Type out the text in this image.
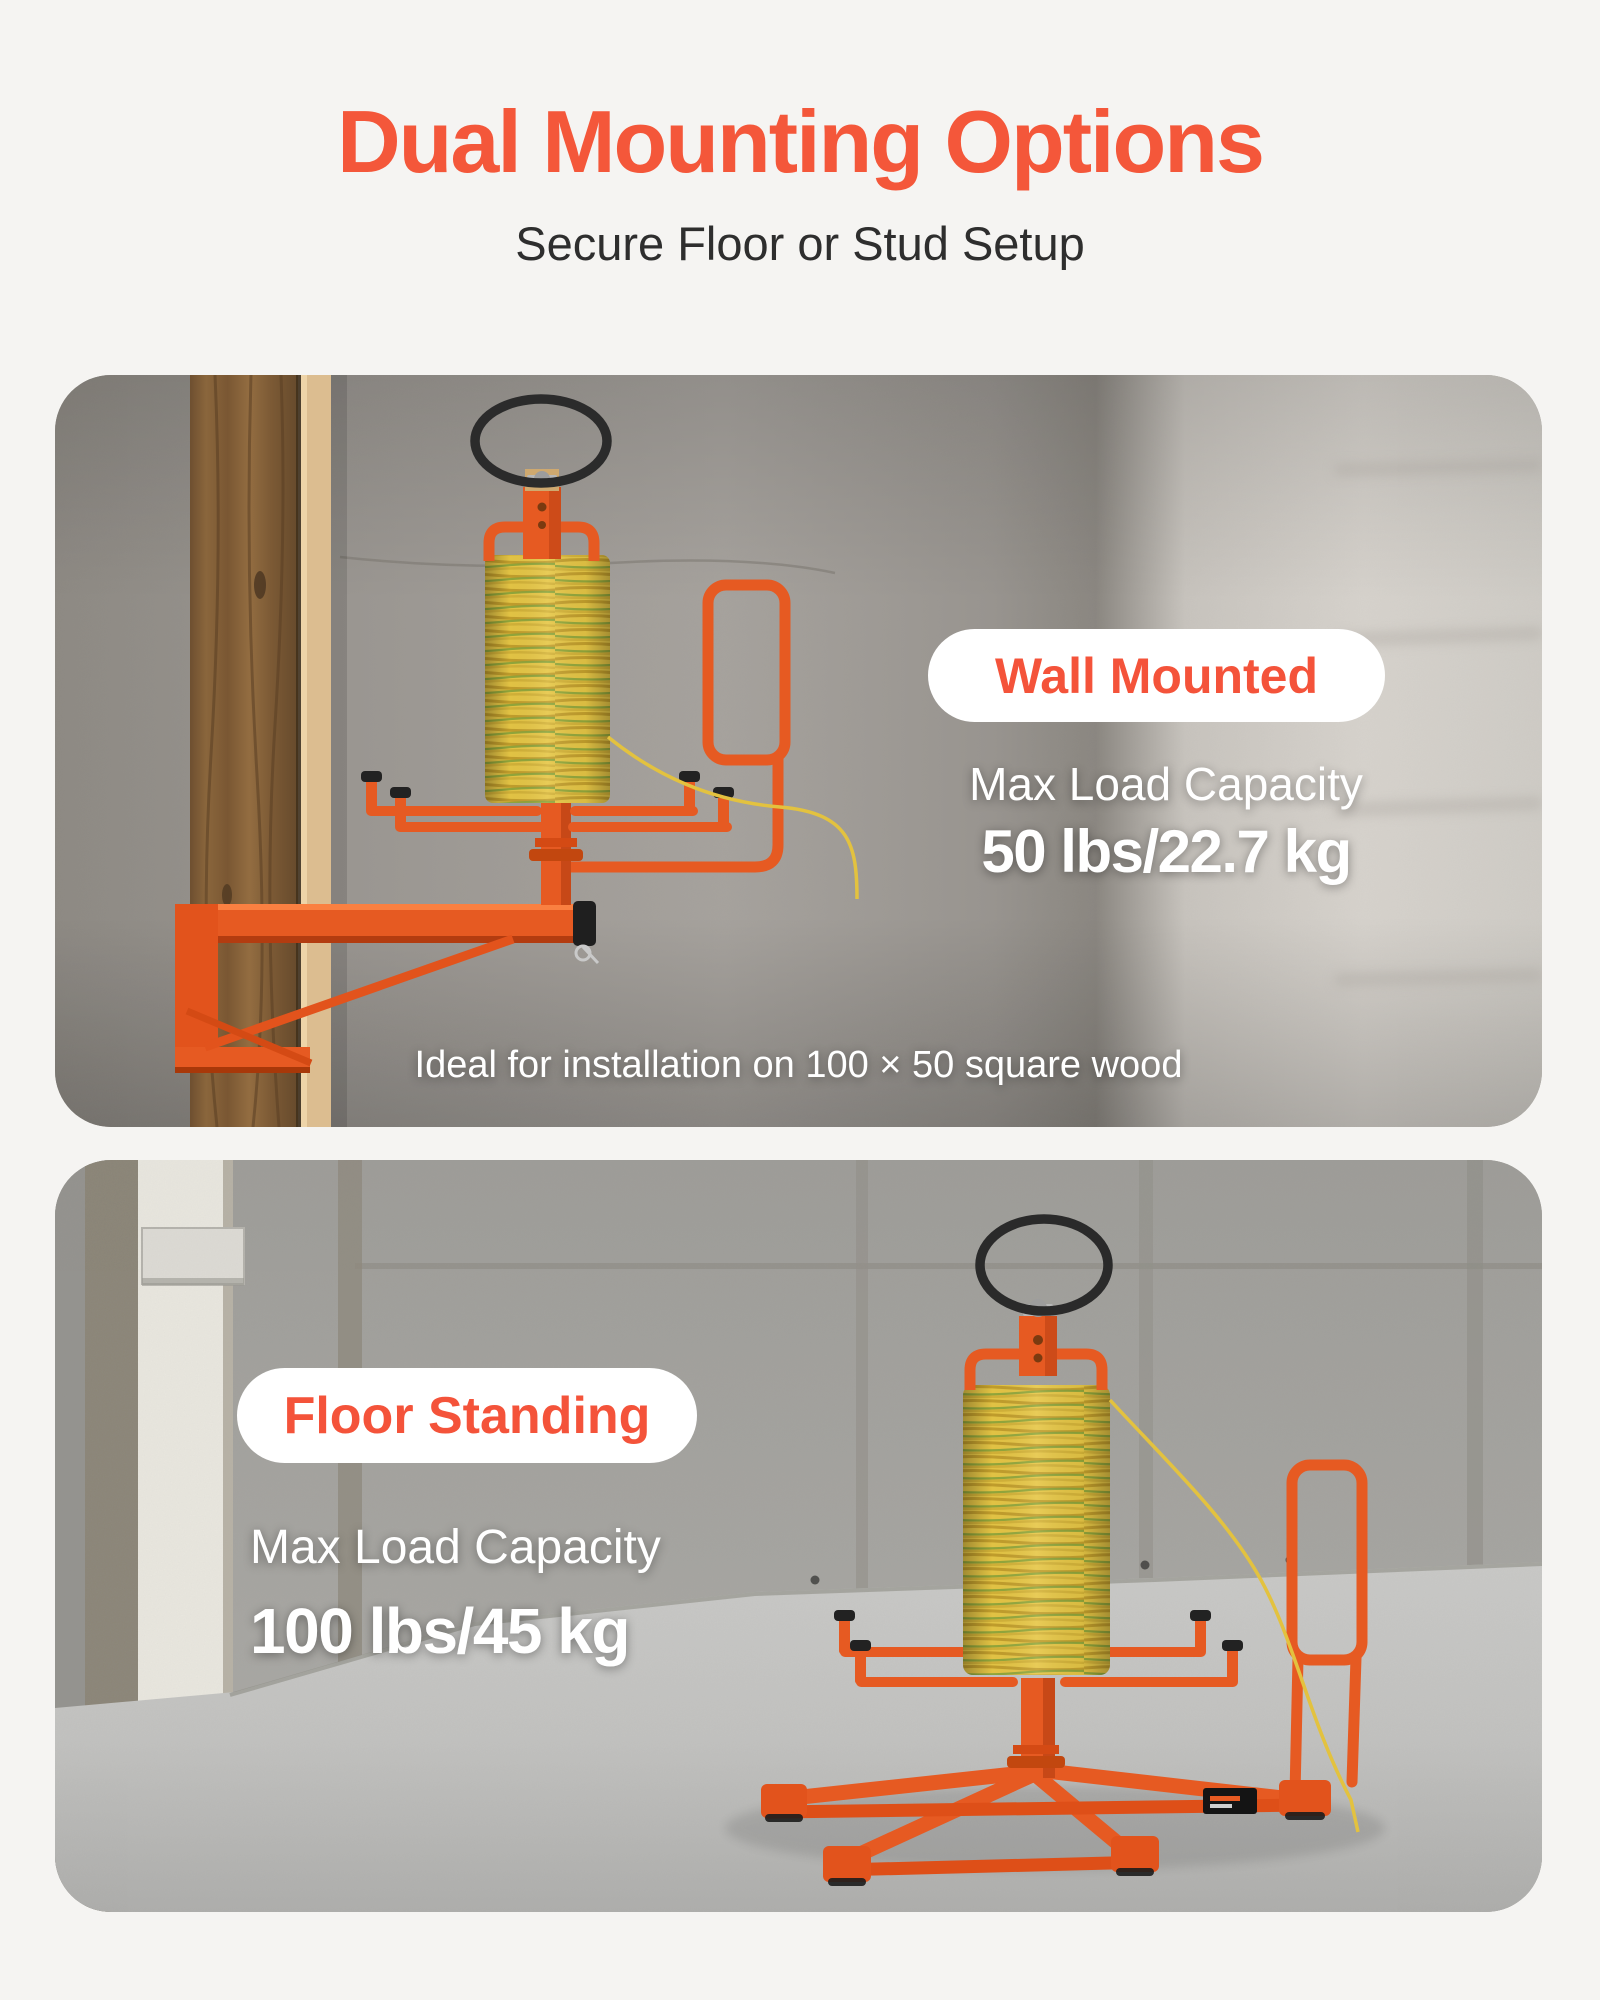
Dual Mounting Options
Secure Floor or Stud Setup
Wall Mounted
Max Load Capacity
50 lbs/22.7 kg
Ideal for installation on 100 × 50 square wood
Floor Standing
Max Load Capacity
100 lbs/45 kg
